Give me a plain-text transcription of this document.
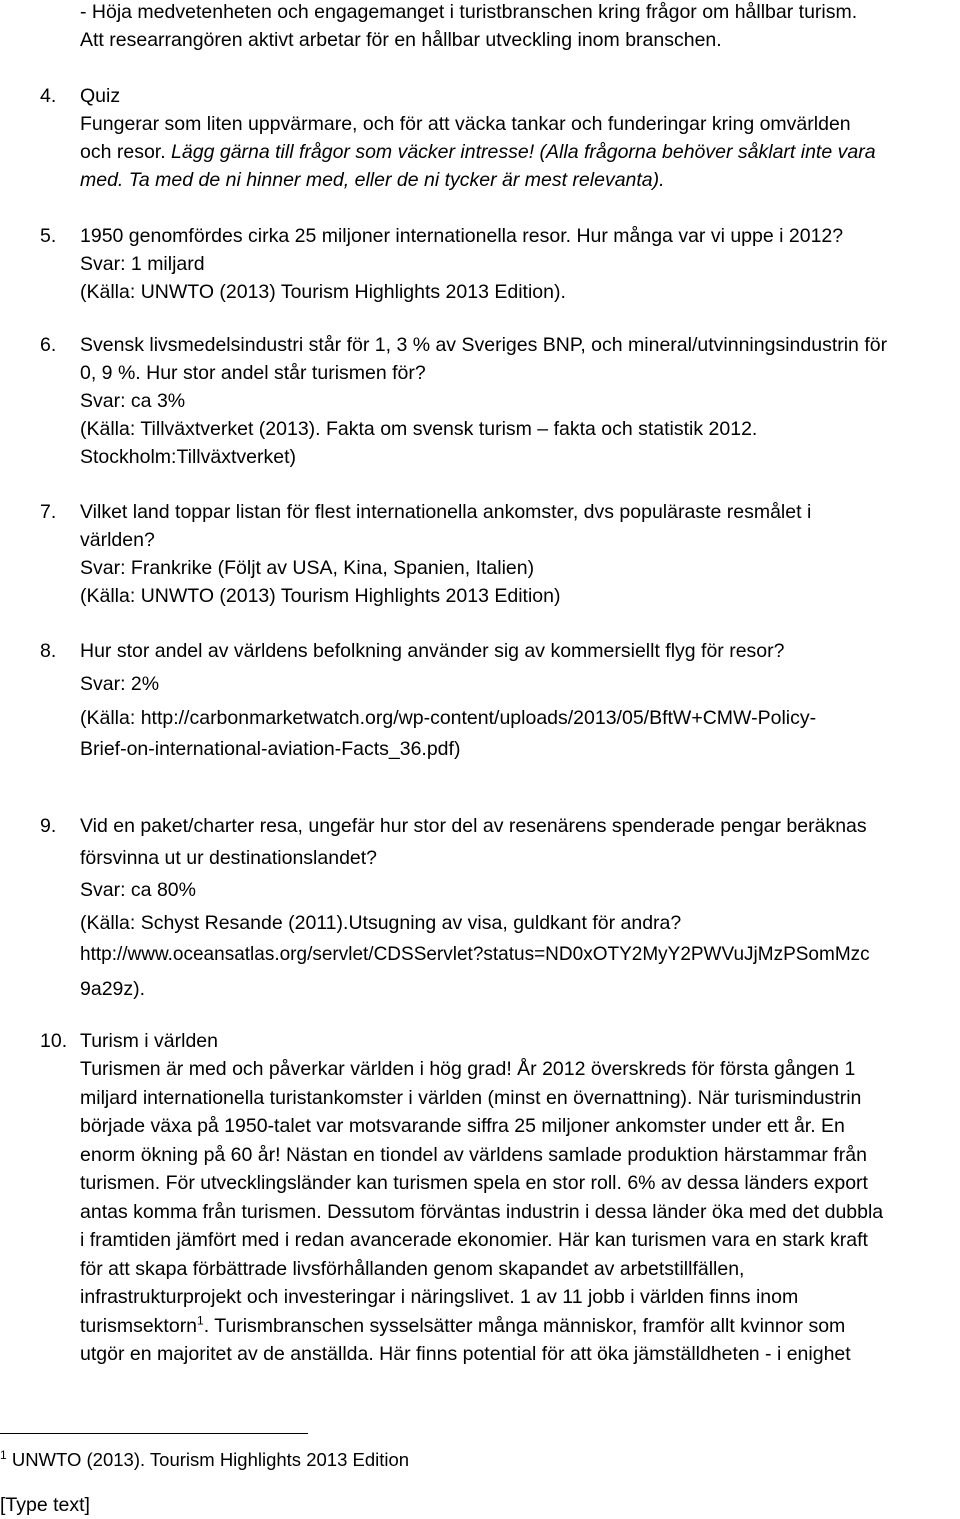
- Höja medvetenheten och engagemanget i turistbranschen kring frågor om hållbar turism.
Att researrangören aktivt arbetar för en hållbar utveckling inom branschen.
4. Quiz
Fungerar som liten uppvärmare, och för att väcka tankar och funderingar kring omvärlden
och resor. Lägg gärna till frågor som väcker intresse! (Alla frågorna behöver såklart inte vara
med. Ta med de ni hinner med, eller de ni tycker är mest relevanta).
5. 1950 genomfördes cirka 25 miljoner internationella resor. Hur många var vi uppe i 2012?
Svar: 1 miljard
(Källa: UNWTO (2013) Tourism Highlights 2013 Edition).
6. Svensk livsmedelsindustri står för 1, 3 % av Sveriges BNP, och mineral/utvinningsindustrin för
0, 9 %. Hur stor andel står turismen för?
Svar: ca 3%
(Källa: Tillväxtverket (2013). Fakta om svensk turism – fakta och statistik 2012.
Stockholm:Tillväxtverket)
7. Vilket land toppar listan för flest internationella ankomster, dvs populäraste resmålet i
världen?
Svar: Frankrike (Följt av USA, Kina, Spanien, Italien)
(Källa: UNWTO (2013) Tourism Highlights 2013 Edition)
8. Hur stor andel av världens befolkning använder sig av kommersiellt flyg för resor?
Svar: 2%
(Källa: http://carbonmarketwatch.org/wp-content/uploads/2013/05/BftW+CMW-Policy-
Brief-on-international-aviation-Facts_36.pdf)
9. Vid en paket/charter resa, ungefär hur stor del av resenärens spenderade pengar beräknas
försvinna ut ur destinationslandet?
Svar: ca 80%
(Källa: Schyst Resande (2011).Utsugning av visa, guldkant för andra?
http://www.oceansatlas.org/servlet/CDSServlet?status=ND0xOTY2MyY2PWVuJjMzPSomMzc
9a29z).
10. Turism i världen
Turismen är med och påverkar världen i hög grad! År 2012 överskreds för första gången 1
miljard internationella turistankomster i världen (minst en övernattning). När turismindustrin
började växa på 1950-talet var motsvarande siffra 25 miljoner ankomster under ett år. En
enorm ökning på 60 år! Nästan en tiondel av världens samlade produktion härstammar från
turismen. För utvecklingsländer kan turismen spela en stor roll. 6% av dessa länders export
antas komma från turismen. Dessutom förväntas industrin i dessa länder öka med det dubbla
i framtiden jämfört med i redan avancerade ekonomier. Här kan turismen vara en stark kraft
för att skapa förbättrade livsförhållanden genom skapandet av arbetstillfällen,
infrastrukturprojekt och investeringar i näringslivet. 1 av 11 jobb i världen finns inom
turismsektorn$^1$. Turismbranschen sysselsätter många människor, framför allt kvinnor som
utgör en majoritet av de anställda. Här finns potential för att öka jämställdheten - i enighet
$^1$ UNWTO (2013). Tourism Highlights 2013 Edition
[Type text]
